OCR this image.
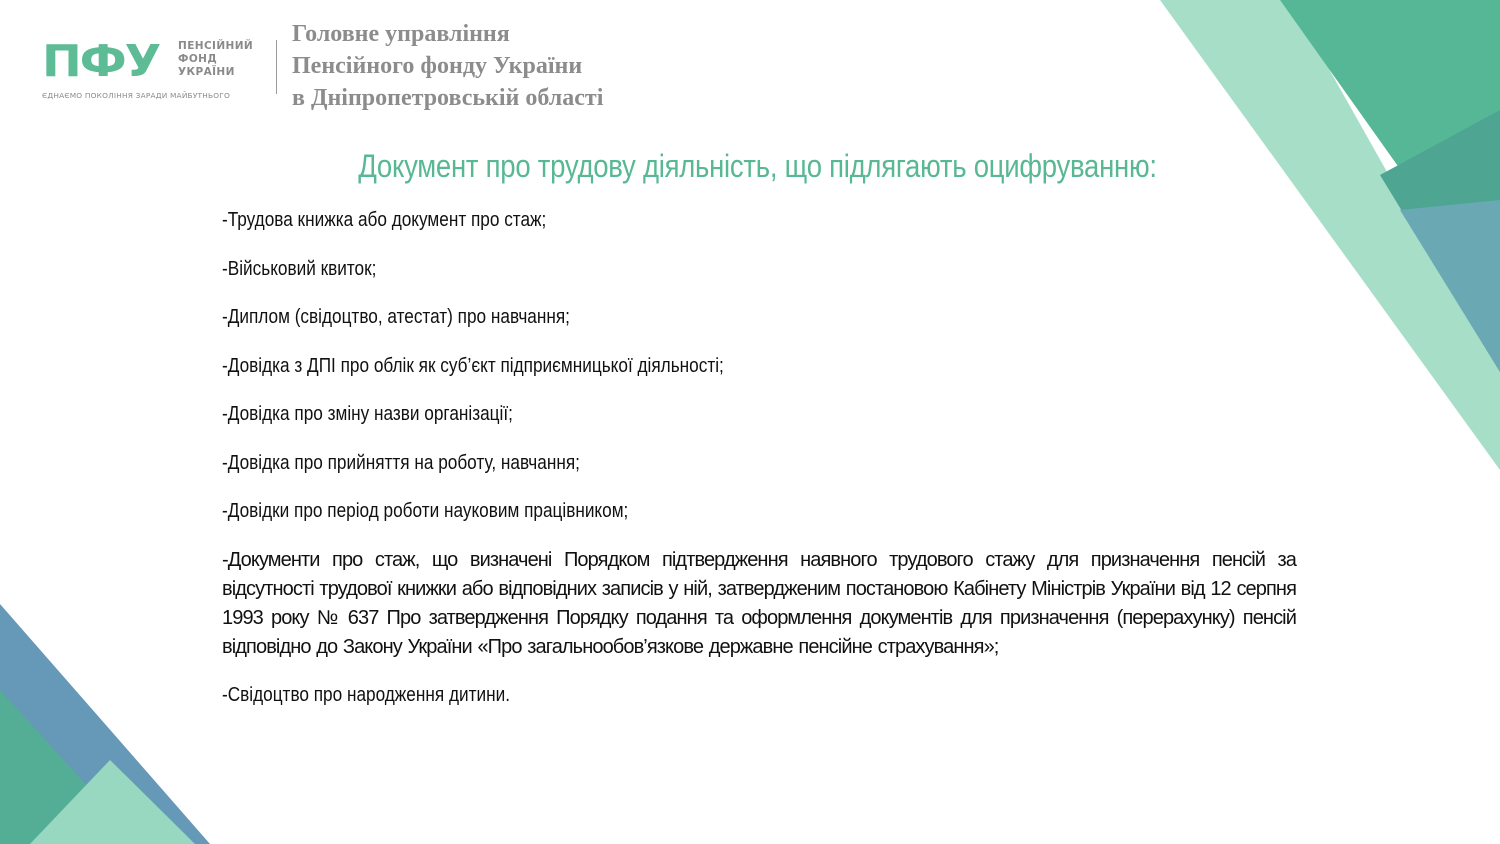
ПФУ ПЕНСІЙНИЙ
ФОНД
УКРАЇНИ
ЄДНАЄМО ПОКОЛІННЯ ЗАРАДИ МАЙБУТНЬОГО
Головне управління
Пенсійного фонду України
в Дніпропетровській області
Документ про трудову діяльність, що підлягають оцифруванню:
-Трудова книжка або документ про стаж;
-Військовий квиток;
-Диплом (свідоцтво, атестат) про навчання;
-Довідка з ДПІ про облік як суб’єкт підприємницької діяльності;
-Довідка про зміну назви організації;
-Довідка про прийняття на роботу, навчання;
-Довідки про період роботи науковим працівником;
-Документи про стаж, що визначені Порядком підтвердження наявного трудового стажу для призначення пенсій за відсутності трудової книжки або відповідних записів у ній, затвердженим постановою Кабінету Міністрів України від 12 серпня 1993 року № 637 Про затвердження Порядку подання та оформлення документів для призначення (перерахунку) пенсій відповідно до Закону України «Про загальнообов’язкове державне пенсійне страхування»;
-Свідоцтво про народження дитини.
